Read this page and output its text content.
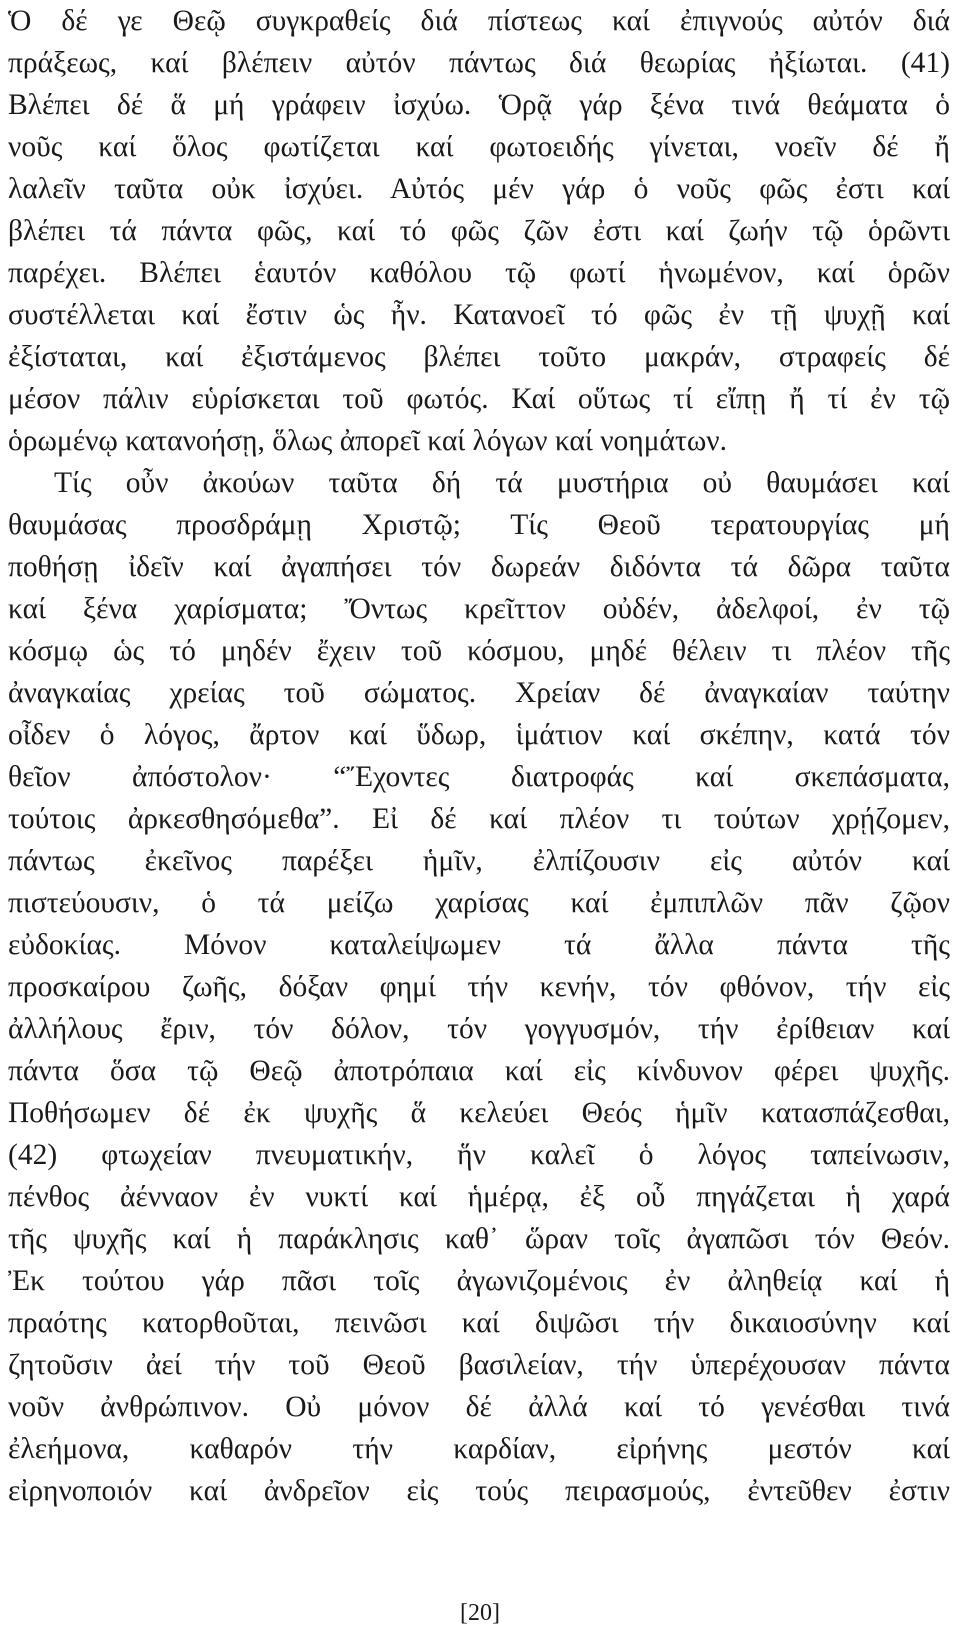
Ὁ δέ γε Θεῷ συγκραθείς διά πίστεως καί ἐπιγνούς αὐτόν διά

πράξεως, καί βλέπειν αὐτόν πάντως διά θεωρίας ἠξίωται. (41)

Βλέπει δέ ἅ μή γράφειν ἰσχύω. Ὁρᾷ γάρ ξένα τινά θεάματα ὁ

νοῦς καί ὅλος φωτίζεται καί φωτοειδής γίνεται, νοεῖν δέ ἤ

λαλεῖν ταῦτα οὐκ ἰσχύει. Αὐτός μέν γάρ ὁ νοῦς φῶς ἐστι καί

βλέπει τά πάντα φῶς, καί τό φῶς ζῶν ἐστι καί ζωήν τῷ ὁρῶντι

παρέχει. Βλέπει ἑαυτόν καθόλου τῷ φωτί ἡνωμένον, καί ὁρῶν

συστέλλεται καί ἔστιν ὡς ἦν. Κατανοεῖ τό φῶς ἐν τῇ ψυχῇ καί

ἐξίσταται, καί ἐξιστάμενος βλέπει τοῦτο μακράν, στραφείς δέ

μέσον πάλιν εὑρίσκεται τοῦ φωτός. Καί οὕτως τί εἴπῃ ἤ τί ἐν τῷ

ὁρωμένῳ κατανοήσῃ, ὅλως ἀπορεῖ καί λόγων καί νοημάτων.

Τίς οὖν ἀκούων ταῦτα δή τά μυστήρια οὐ θαυμάσει καί

θαυμάσας προσδράμῃ Χριστῷ; Τίς Θεοῦ τερατουργίας μή

ποθήσῃ ἰδεῖν καί ἀγαπήσει τόν δωρεάν διδόντα τά δῶρα ταῦτα

καί ξένα χαρίσματα; Ὄντως κρεῖττον οὐδέν, ἀδελφοί, ἐν τῷ

κόσμῳ ὡς τό μηδέν ἔχειν τοῦ κόσμου, μηδέ θέλειν τι πλέον τῆς

ἀναγκαίας χρείας τοῦ σώματος. Χρείαν δέ ἀναγκαίαν ταύτην

οἶδεν ὁ λόγος, ἄρτον καί ὕδωρ, ἱμάτιον καί σκέπην, κατά τόν

θεῖον ἀπόστολον· “Ἔχοντες διατροφάς καί σκεπάσματα,

τούτοις ἀρκεσθησόμεθα”. Εἰ δέ καί πλέον τι τούτων χρῄζομεν,

πάντως ἐκεῖνος παρέξει ἡμῖν, ἐλπίζουσιν εἰς αὐτόν καί

πιστεύουσιν, ὁ τά μείζω χαρίσας καί ἐμπιπλῶν πᾶν ζῷον

εὐδοκίας. Μόνον καταλείψωμεν τά ἄλλα πάντα τῆς

προσκαίρου ζωῆς, δόξαν φημί τήν κενήν, τόν φθόνον, τήν εἰς

ἀλλήλους ἔριν, τόν δόλον, τόν γογγυσμόν, τήν ἐρίθειαν καί

πάντα ὅσα τῷ Θεῷ ἀποτρόπαια καί εἰς κίνδυνον φέρει ψυχῆς.

Ποθήσωμεν δέ ἐκ ψυχῆς ἅ κελεύει Θεός ἡμῖν κατασπάζεσθαι,

(42) φτωχείαν πνευματικήν, ἥν καλεῖ ὁ λόγος ταπείνωσιν,

πένθος ἀένναον ἐν νυκτί καί ἡμέρᾳ, ἐξ οὗ πηγάζεται ἡ χαρά

τῆς ψυχῆς καί ἡ παράκλησις καθ᾽ ὥραν τοῖς ἀγαπῶσι τόν Θεόν.

Ἐκ τούτου γάρ πᾶσι τοῖς ἀγωνιζομένοις ἐν ἀληθείᾳ καί ἡ

πραότης κατορθοῦται, πεινῶσι καί διψῶσι τήν δικαιοσύνην καί

ζητοῦσιν ἀεί τήν τοῦ Θεοῦ βασιλείαν, τήν ὑπερέχουσαν πάντα

νοῦν ἀνθρώπινον. Οὐ μόνον δέ ἀλλά καί τό γενέσθαι τινά

ἐλεήμονα, καθαρόν τήν καρδίαν, εἰρήνης μεστόν καί

εἰρηνοποιόν καί ἀνδρεῖον εἰς τούς πειρασμούς, ἐντεῦθεν ἐστιν

[20]
